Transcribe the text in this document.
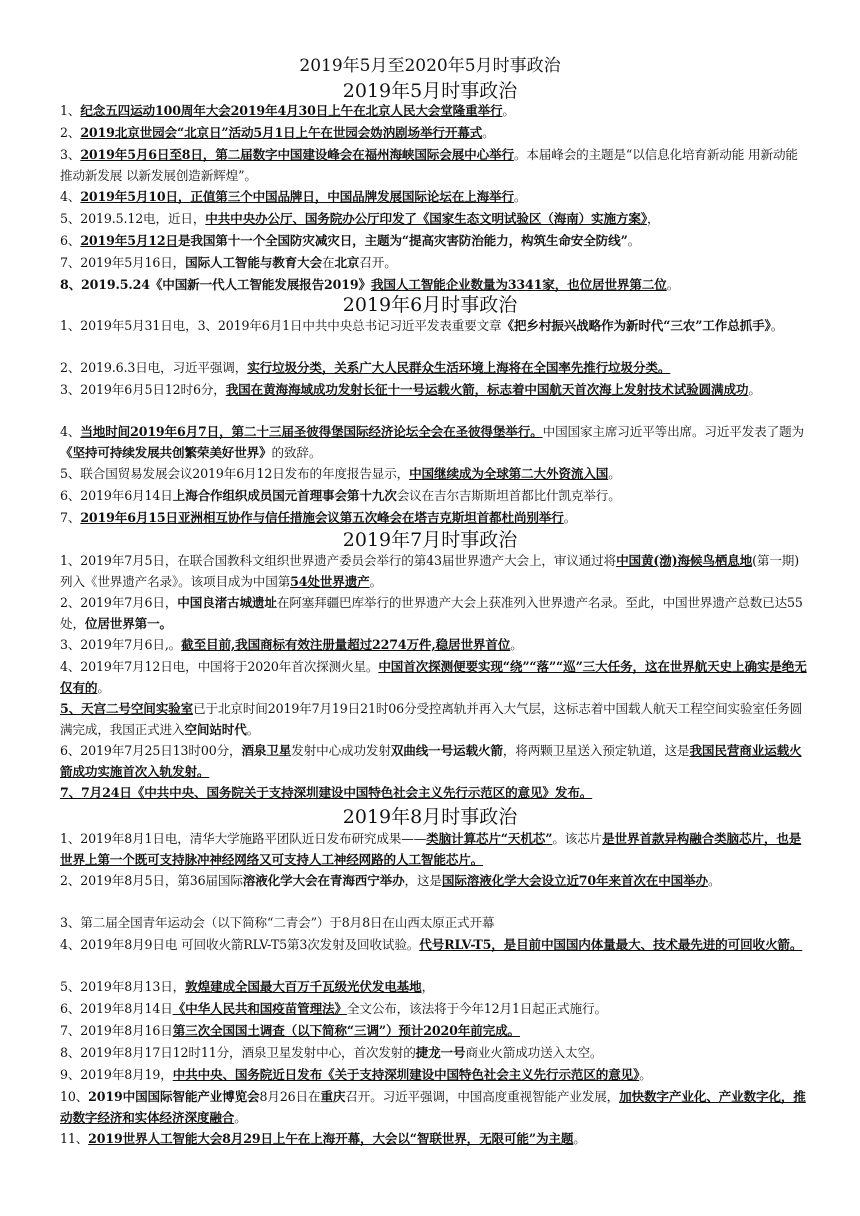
2019年5月至2020年5月时事政治
2019年5月时事政治
1、纪念五四运动100周年大会2019年4月30日上午在北京人民大会堂隆重举行。
2、2019北京世园会“北京日”活动5月1日上午在世园会妫汭剧场举行开幕式。
3、2019年5月6日至8日，第二届数字中国建设峰会在福州海峡国际会展中心举行。本届峰会的主题是“以信息化培育新动能 用新动能推动新发展 以新发展创造新辉煌”。
4、2019年5月10日，正值第三个中国品牌日，中国品牌发展国际论坛在上海举行。
5、2019.5.12电，近日，中共中央办公厅、国务院办公厅印发了《国家生态文明试验区（海南）实施方案》，
6、2019年5月12日是我国第十一个全国防灾减灾日，主题为“提高灾害防治能力，构筑生命安全防线”。
7、2019年5月16日，国际人工智能与教育大会在北京召开。
8、2019.5.24《中国新一代人工智能发展报告2019》我国人工智能企业数量为3341家，也位居世界第二位。
2019年6月时事政治
1、2019年5月31日电，3、2019年6月1日中共中央总书记习近平发表重要文章《把乡村振兴战略作为新时代“三农”工作总抓手》。
2、2019.6.3日电，习近平强调，实行垃圾分类，关系广大人民群众生活环境上海将在全国率先推行垃圾分类。
3、2019年6月5日12时6分，我国在黄海海域成功发射长征十一号运载火箭，标志着中国航天首次海上发射技术试验圆满成功。
4、当地时间2019年6月7日，第二十三届圣彼得堡国际经济论坛全会在圣彼得堡举行。中国国家主席习近平等出席。习近平发表了题为《坚持可持续发展共创繁荣美好世界》的致辞。
5、联合国贸易发展会议2019年6月12日发布的年度报告显示，中国继续成为全球第二大外资流入国。
6、2019年6月14日上海合作组织成员国元首理事会第十九次会议在吉尔吉斯斯坦首都比什凯克举行。
7、2019年6月15日亚洲相互协作与信任措施会议第五次峰会在塔吉克斯坦首都杜尚别举行。
2019年7月时事政治
1、2019年7月5日，在联合国教科文组织世界遗产委员会举行的第43届世界遗产大会上，审议通过将中国黄(渤)海候鸟栖息地(第一期)列入《世界遗产名录》。该项目成为中国第54处世界遗产。
2、2019年7月6日，中国良渚古城遗址在阿塞拜疆巴库举行的世界遗产大会上获准列入世界遗产名录。至此，中国世界遗产总数已达55处，位居世界第一。
3、2019年7月6日,。截至目前,我国商标有效注册量超过2274万件,稳居世界首位。
4、2019年7月12日电，中国将于2020年首次探测火星。中国首次探测便要实现“绕”“落”“巡”三大任务，这在世界航天史上确实是绝无仅有的。
5、天宫二号空间实验室已于北京时间2019年7月19日21时06分受控离轨并再入大气层，这标志着中国载人航天工程空间实验室任务圆满完成，我国正式进入空间站时代。
6、2019年7月25日13时00分，酒泉卫星发射中心成功发射双曲线一号运载火箭，将两颗卫星送入预定轨道，这是我国民营商业运载火箭成功实施首次入轨发射。
7、7月24日《中共中央、国务院关于支持深圳建设中国特色社会主义先行示范区的意见》发布。
2019年8月时事政治
1、2019年8月1日电，清华大学施路平团队近日发布研究成果——类脑计算芯片“天机芯”。该芯片是世界首款异构融合类脑芯片，也是世界上第一个既可支持脉冲神经网络又可支持人工神经网路的人工智能芯片。
2、2019年8月5日，第36届国际溶液化学大会在青海西宁举办，这是国际溶液化学大会设立近70年来首次在中国举办。
3、第二届全国青年运动会（以下简称“二青会”）于8月8日在山西太原正式开幕
4、2019年8月9日电 可回收火箭RLV-T5第3次发射及回收试验。代号RLV-T5，是目前中国国内体量最大、技术最先进的可回收火箭。
5、2019年8月13日，敦煌建成全国最大百万千瓦级光伏发电基地，
6、2019年8月14日《中华人民共和国疫苗管理法》全文公布，该法将于今年12月1日起正式施行。
7、2019年8月16日第三次全国国土调查（以下简称“三调”）预计2020年前完成。
8、2019年8月17日12时11分，酒泉卫星发射中心，首次发射的捷龙一号商业火箭成功送入太空。
9、2019年8月19，中共中央、国务院近日发布《关于支持深圳建设中国特色社会主义先行示范区的意见》。
10、2019中国国际智能产业博览会8月26日在重庆召开。习近平强调，中国高度重视智能产业发展，加快数字产业化、产业数字化，推动数字经济和实体经济深度融合。
11、2019世界人工智能大会8月29日上午在上海开幕，大会以“智联世界，无限可能”为主题。
